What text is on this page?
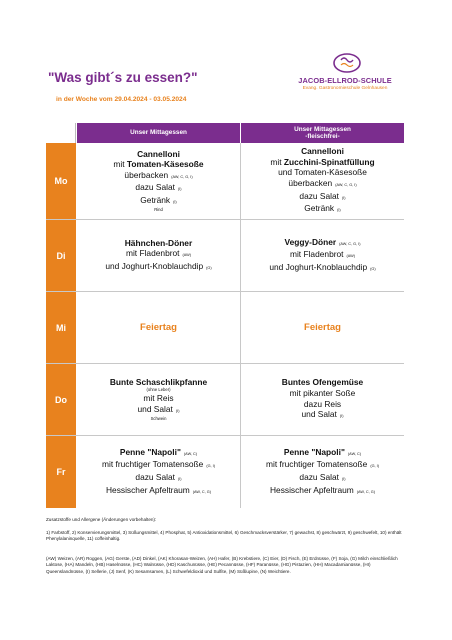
"Was gibt´s zu essen?"
in der Woche vom 29.04.2024 - 03.05.2024
JACOB-ELLROD-SCHULE
Evang. Gastronomieschule Gelnhausen
Unser Mittagessen
Unser Mittagessen
-fleischfrei-
Mo
Cannelloni
mit Tomaten-Käsesoße
überbacken (AW, C, G, I)
dazu Salat (I)
Getränk (I)
Rind
Cannelloni
mit Zucchini-Spinatfüllung
und Tomaten-Käsesoße
überbacken (AW, C, G, I)
dazu Salat (I)
Getränk (I)
Di
Hähnchen-Döner
mit Fladenbrot (AW)
und Joghurt-Knoblauchdip (G)
Veggy-Döner (AW, C, G, I)
mit Fladenbrot (AW)
und Joghurt-Knoblauchdip (G)
Mi	Feiertag	Feiertag
Do
Bunte Schaschlikpfanne
(ohne Leber)
mit Reis
und Salat (I)
Schwein
Buntes Ofengemüse
mit pikanter Soße
dazu Reis
und Salat (I)
Fr
Penne "Napoli" (AW, C)
mit fruchtiger Tomatensoße (G, I)
dazu Salat (I)
Hessischer Apfeltraum (AW, C, G)
Penne "Napoli" (AW, C)
mit fruchtiger Tomatensoße (G, I)
dazu Salat (I)
Hessischer Apfeltraum (AW, C, G)
Zusatzstoffe und Allergene (Änderungen vorbehalten):
1) Farbstoff, 2) Konservierungsmittel, 3) Süßungsmittel, 4) Phosphat, 5) Antioxidationsmittel, 6) Geschmacksverstärker, 7) gewachst, 8) geschwärzt, 9) geschwefelt, 10) enthält Phenylalaninquelle, 11) coffeinhaltig.
(AW) Weizen, (AR) Roggen, (AG) Gerste, (AD) Dinkel, (AK) Khorasan-Weizen, (AH) Hafer, (B) Krebstiere, (C) Eier, (D) Fisch, (E) Erdnüsse, (F) Soja, (G) Milch einschließlich Laktose, (HA) Mandeln, (HB) Haselnüsse, (HC) Walnüsse, (HD) Kaschunüsse, (HE) Pecannüsse, (HF) Paranüsse, (HG) Pistazien, (HH) Macadamianüsse, (HI) Queenslandnüsse, (I) Sellerie, (J) Senf, (K) Sesamsamen, (L) Schwefeldioxid und Sulfite, (M) Süßlupine, (N) Weichtiere.
